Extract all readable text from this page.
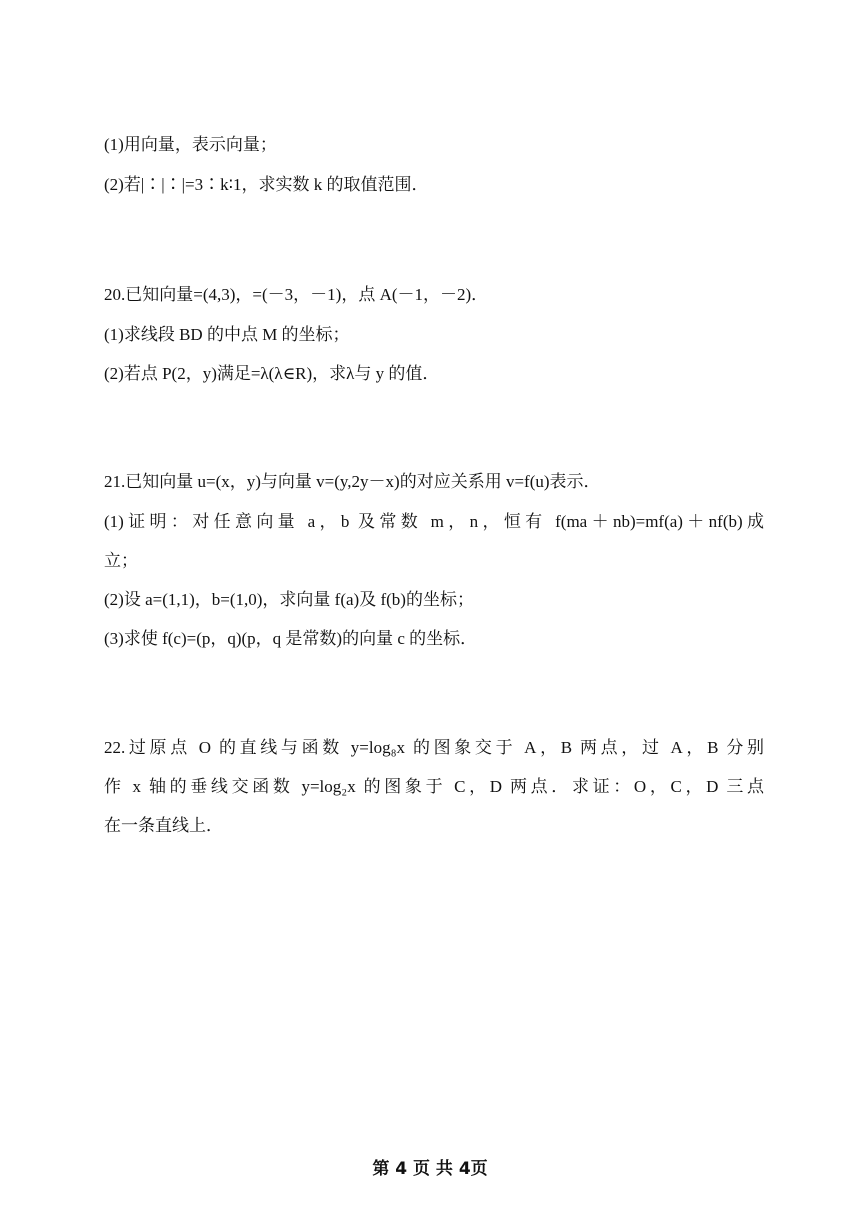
(1)用向量，表示向量；
(2)若|∶|∶|=3∶k∶1，求实数 k 的取值范围．
20.已知向量=(4,3)，=(－3，－1)，点 A(－1，－2)．
(1)求线段 BD 的中点 M 的坐标；
(2)若点 P(2，y)满足=λ(λ∈R)，求λ与 y 的值．
21.已知向量 u=(x，y)与向量 v=(y,2y－x)的对应关系用 v=f(u)表示．
(1)证明：对任意向量 a，b 及常数 m，n，恒有 f(ma＋nb)=mf(a)＋nf(b)成
立；
(2)设 a=(1,1)，b=(1,0)，求向量 f(a)及 f(b)的坐标；
(3)求使 f(c)=(p，q)(p，q 是常数)的向量 c 的坐标．
22.过原点 O 的直线与函数 y=log₈x 的图象交于 A，B 两点，过 A，B 分别
作 x 轴的垂线交函数 y=log₂x 的图象于 C，D 两点．求证：O，C，D 三点
在一条直线上．
第 4 页 共 4页
